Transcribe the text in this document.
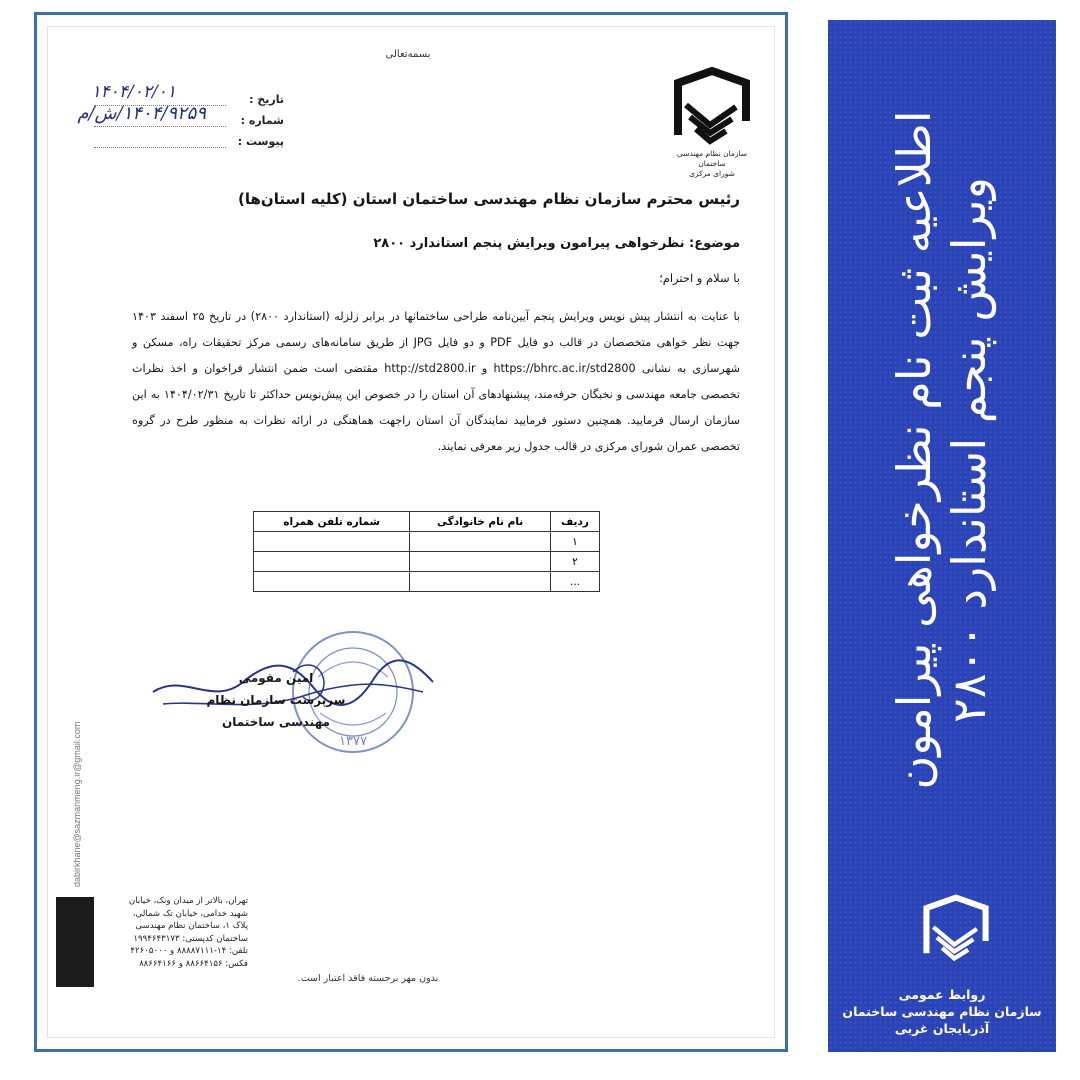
بسمه‌تعالی
سازمان نظام مهندسی ساختمان
شورای مرکزی
تاریخ :
۱۴۰۴/۰۲/۰۱
شماره :
۱۴۰۴/۹۲۵۹/ش/م
پیوست :
رئیس محترم سازمان نظام مهندسی ساختمان استان (کلیه استان‌ها)
موضوع: نظرخواهی پیرامون ویرایش پنجم استاندارد ۲۸۰۰
با سلام و احترام؛
با عنایت به انتشار پیش نویس ویرایش پنجم آیین‌نامه طراحی ساختمانها در برابر زلزله (استاندارد ۲۸۰۰) در تاریخ ۲۵ اسفند ۱۴۰۳ جهت نظر خواهی متخصصان در قالب دو فایل PDF و دو فایل JPG از طریق سامانه‌های رسمی مرکز تحقیقات راه، مسکن و شهرسازی به نشانی https://bhrc.ac.ir/std2800 و http://std2800.ir مقتضی است ضمن انتشار فراخوان و اخذ نظرات تخصصی جامعه مهندسی و نخبگان حرفه‌مند، پیشنهادهای آن استان را در خصوص این پیش‌نویس حداکثر تا تاریخ ۱۴۰۴/۰۲/۳۱ به این سازمان ارسال فرمایید. همچنین دستور فرمایید نمایندگان آن استان راجهت هماهنگی در ارائه نظرات به منظور طرح در گروه تخصصی عمران شورای مرکزی در قالب جدول زیر معرفی نمایند.
ردیف	نام نام خانوادگی	شماره تلفن همراه
۱		
۲		
...		
۱۳۷۷
امین مقومی
سرپرست سازمان نظام مهندسی ساختمان
dabirkhane@sazmanmeng.ir@gmail.com
تهران، بالاتر از میدان ونک، خیابان
شهید خدامی، خیابان تک شمالی،
پلاک ۱، ساختمان نظام مهندسی
ساختمان کدپستی: ۱۹۹۴۶۴۳۱۷۳
تلفن: ۱۴-۸۸۸۸۷۱۱۱ و ۴۲۶۰۵۰۰۰
فکس: ۸۸۶۶۴۱۵۶ و ۸۸۶۶۴۱۶۶
بدون مهر برجسته فاقد اعتبار است.
اطلاعیه ثبت نام نظرخواهی پیرامون ویرایش پنجم استاندارد ۲۸۰۰
روابط عمومی
سازمان نظام مهندسی ساختمان
آذربایجان غربی
